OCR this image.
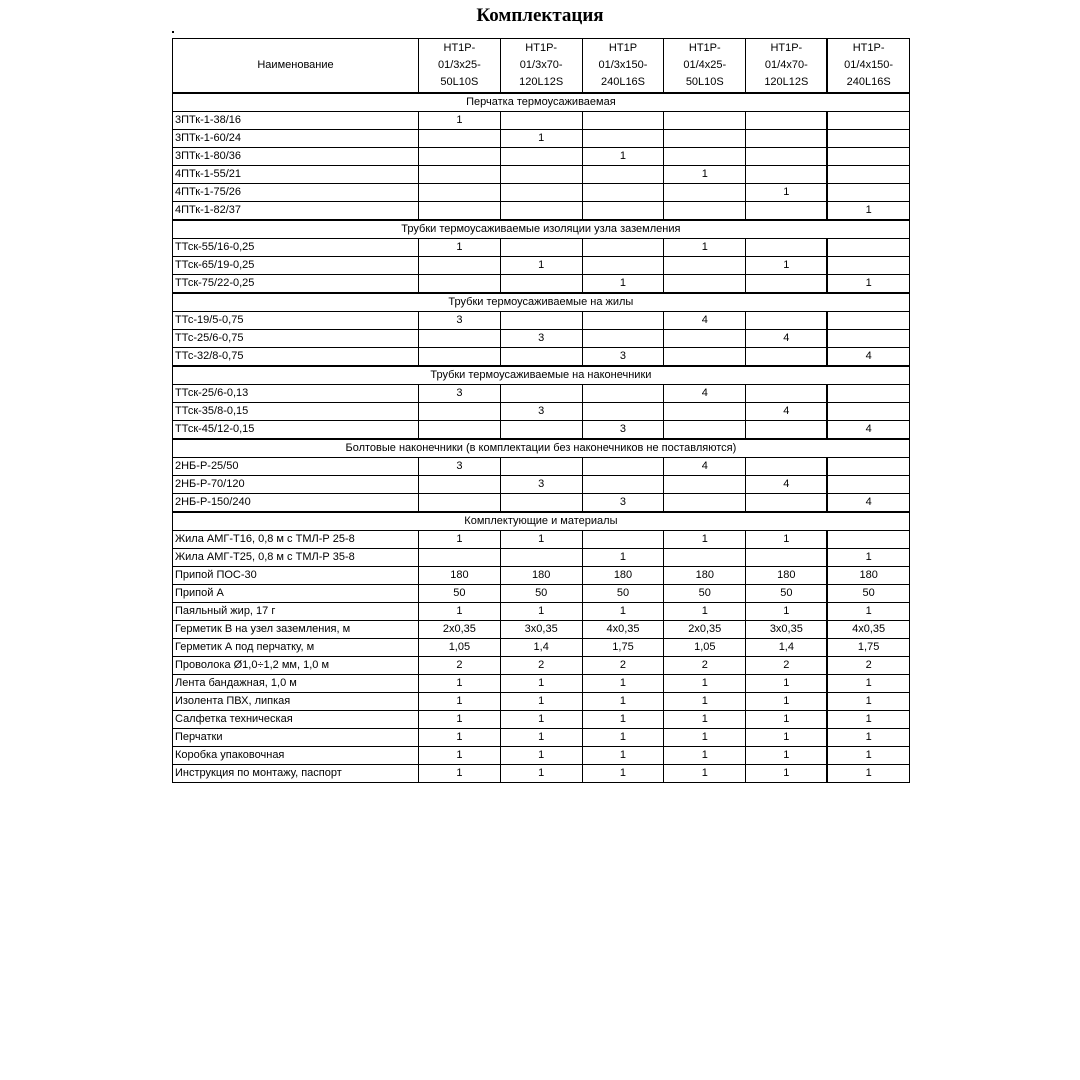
Комплектация
Наименование	НТ1Р-
01/3х25-
50L10S	НТ1Р-
01/3х70-
120L12S	НТ1Р
01/3х150-
240L16S	НТ1Р-
01/4х25-
50L10S	НТ1Р-
01/4х70-
120L12S	НТ1Р-
01/4х150-
240L16S
Перчатка термоусаживаемая						
3ПТк-1-38/16	1					
3ПТк-1-60/24		1				
3ПТк-1-80/36			1			
4ПТк-1-55/21				1		
4ПТк-1-75/26					1	
4ПТк-1-82/37						1
Трубки термоусаживаемые изоляции узла заземления						
ТТск-55/16-0,25	1			1		
ТТск-65/19-0,25		1			1	
ТТск-75/22-0,25			1			1
Трубки термоусаживаемые на жилы						
ТТс-19/5-0,75	3			4		
ТТс-25/6-0,75		3			4	
ТТс-32/8-0,75			3			4
Трубки термоусаживаемые на наконечники						
ТТск-25/6-0,13	3			4		
ТТск-35/8-0,15		3			4	
ТТск-45/12-0,15			3			4
Болтовые наконечники (в комплектации без наконечников не поставляются)						
2НБ-Р-25/50	3			4		
2НБ-Р-70/120		3			4	
2НБ-Р-150/240			3			4
Комплектующие и материалы						
Жила АМГ-Т16, 0,8 м с ТМЛ-Р 25-8	1	1		1	1	
Жила АМГ-Т25, 0,8 м с ТМЛ-Р 35-8			1			1
Припой ПОС-30	180	180	180	180	180	180
Припой А	50	50	50	50	50	50
Паяльный жир, 17 г	1	1	1	1	1	1
Герметик В на узел заземления, м	2х0,35	3х0,35	4х0,35	2х0,35	3х0,35	4х0,35
Герметик А под перчатку, м	1,05	1,4	1,75	1,05	1,4	1,75
Проволока Ø1,0÷1,2 мм, 1,0 м	2	2	2	2	2	2
Лента бандажная, 1,0 м	1	1	1	1	1	1
Изолента ПВХ, липкая	1	1	1	1	1	1
Салфетка техническая	1	1	1	1	1	1
Перчатки	1	1	1	1	1	1
Коробка упаковочная	1	1	1	1	1	1
Инструкция по монтажу, паспорт	1	1	1	1	1	1
